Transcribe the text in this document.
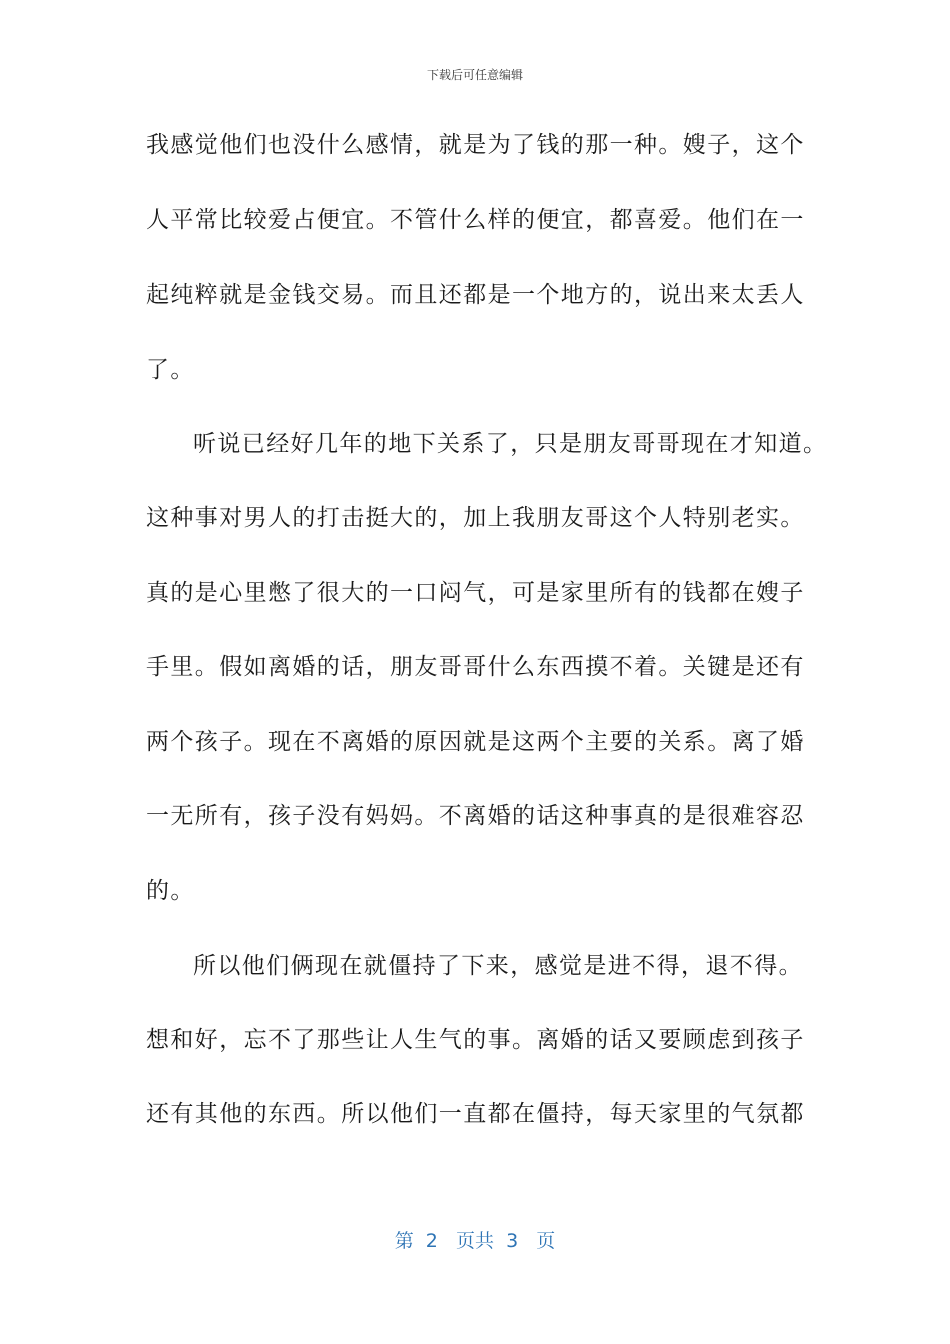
下载后可任意编辑
我感觉他们也没什么感情，就是为了钱的那一种。嫂子，这个
人平常比较爱占便宜。不管什么样的便宜，都喜爱。他们在一
起纯粹就是金钱交易。而且还都是一个地方的，说出来太丢人
了。
听说已经好几年的地下关系了，只是朋友哥哥现在才知道。
这种事对男人的打击挺大的，加上我朋友哥这个人特别老实。
真的是心里憋了很大的一口闷气，可是家里所有的钱都在嫂子
手里。假如离婚的话，朋友哥哥什么东西摸不着。关键是还有
两个孩子。现在不离婚的原因就是这两个主要的关系。离了婚
一无所有，孩子没有妈妈。不离婚的话这种事真的是很难容忍
的。
所以他们俩现在就僵持了下来，感觉是进不得，退不得。
想和好，忘不了那些让人生气的事。离婚的话又要顾虑到孩子
还有其他的东西。所以他们一直都在僵持，每天家里的气氛都
第  2   页共  3   页
